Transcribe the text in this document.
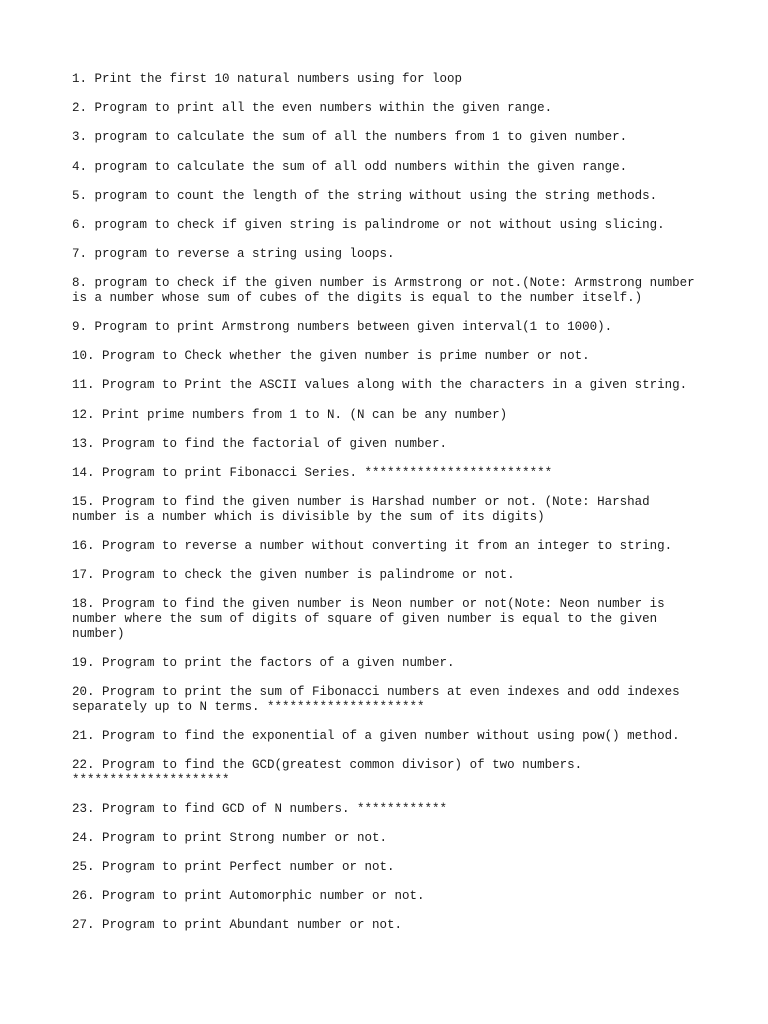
1. Print the first 10 natural numbers using for loop
2. Program to print all the even numbers within the given range.
3. program to calculate the sum of all the numbers from 1 to given number.
4. program to calculate the sum of all odd numbers within the given range.
5. program to count the length of the string without using the string methods.
6. program to check if given string is palindrome or not without using slicing.
7. program to reverse a string using loops.
8. program to check if the given number is Armstrong or not.(Note: Armstrong number
is a number whose sum of cubes of the digits is equal to the number itself.)
9. Program to print Armstrong numbers between given interval(1 to 1000).
10. Program to Check whether the given number is prime number or not.
11. Program to Print the ASCII values along with the characters in a given string.
12. Print prime numbers from 1 to N. (N can be any number)
13. Program to find the factorial of given number.
14. Program to print Fibonacci Series. *************************
15. Program to find the given number is Harshad number or not. (Note: Harshad
number is a number which is divisible by the sum of its digits)
16. Program to reverse a number without converting it from an integer to string.
17. Program to check the given number is palindrome or not.
18. Program to find the given number is Neon number or not(Note: Neon number is
number where the sum of digits of square of given number is equal to the given
number)
19. Program to print the factors of a given number.
20. Program to print the sum of Fibonacci numbers at even indexes and odd indexes
separately up to N terms. *********************
21. Program to find the exponential of a given number without using pow() method.
22. Program to find the GCD(greatest common divisor) of two numbers.
*********************
23. Program to find GCD of N numbers. ************
24. Program to print Strong number or not.
25. Program to print Perfect number or not.
26. Program to print Automorphic number or not.
27. Program to print Abundant number or not.
